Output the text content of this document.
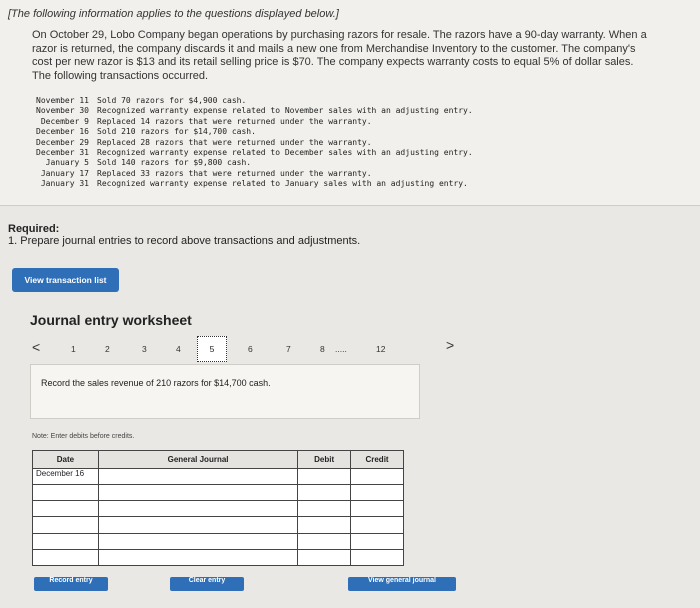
[The following information applies to the questions displayed below.]
On October 29, Lobo Company began operations by purchasing razors for resale. The razors have a 90-day warranty. When a razor is returned, the company discards it and mails a new one from Merchandise Inventory to the customer. The company's cost per new razor is $13 and its retail selling price is $70. The company expects warranty costs to equal 5% of dollar sales. The following transactions occurred.
November 11	Sold 70 razors for $4,900 cash.
November 30	Recognized warranty expense related to November sales with an adjusting entry.
December 9	Replaced 14 razors that were returned under the warranty.
December 16	Sold 210 razors for $14,700 cash.
December 29	Replaced 28 razors that were returned under the warranty.
December 31	Recognized warranty expense related to December sales with an adjusting entry.
January 5	Sold 140 razors for $9,800 cash.
January 17	Replaced 33 razors that were returned under the warranty.
January 31	Recognized warranty expense related to January sales with an adjusting entry.
Required:
1. Prepare journal entries to record above transactions and adjustments.
View transaction list
Journal entry worksheet
<	1	2	3	4	5	6	7	8 .....	12	>
Record the sales revenue of 210 razors for $14,700 cash.
Note: Enter debits before credits.
Date	General Journal	Debit	Credit
December 16			

Record entry	Clear entry	View general journal
